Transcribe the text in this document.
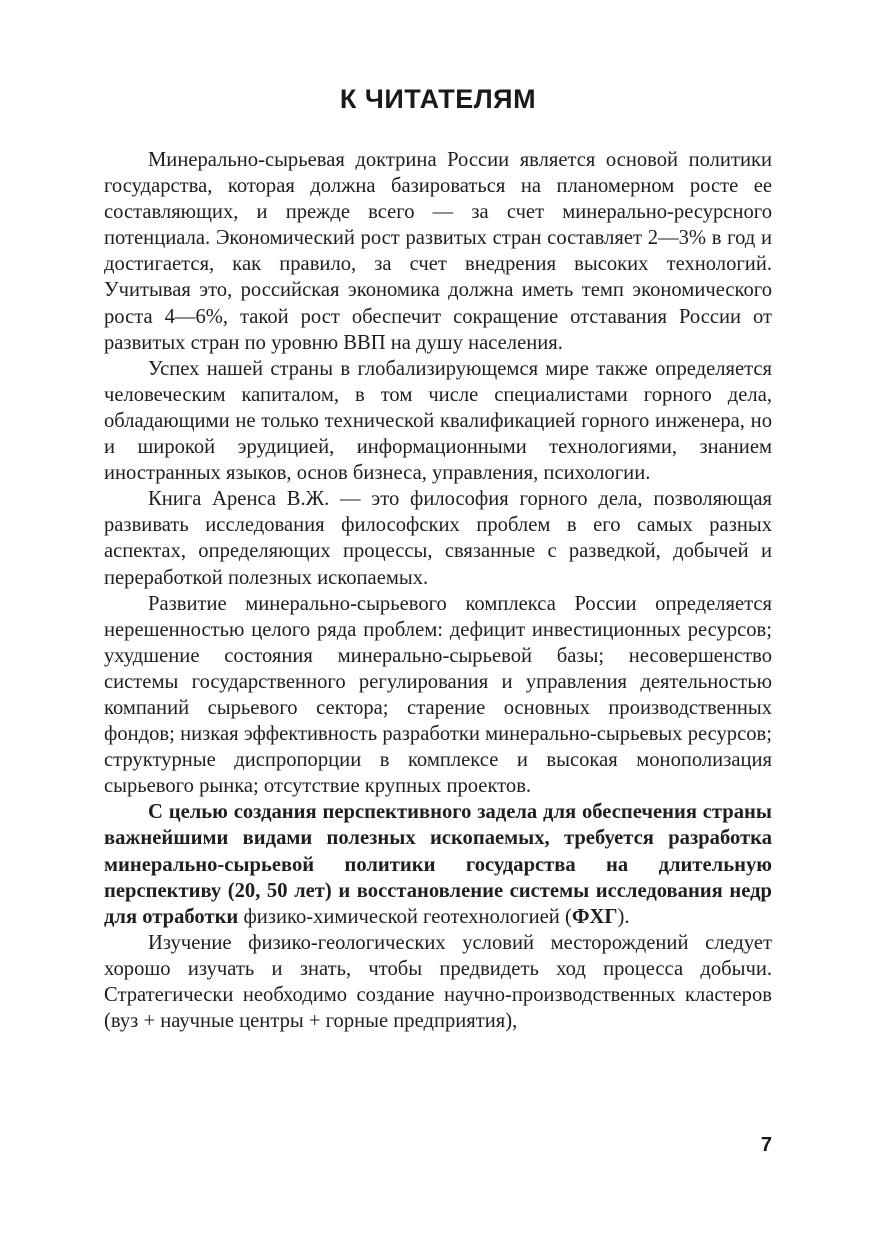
К ЧИТАТЕЛЯМ

Минерально-сырьевая доктрина России является основой политики государства, которая должна базироваться на планомерном росте ее составляющих, и прежде всего — за счет минерально-ресурсного потенциала. Экономический рост развитых стран составляет 2—3% в год и достигается, как правило, за счет внедрения высоких технологий. Учитывая это, российская экономика должна иметь темп экономического роста 4—6%, такой рост обеспечит сокращение отставания России от развитых стран по уровню ВВП на душу населения.

Успех нашей страны в глобализирующемся мире также определяется человеческим капиталом, в том числе специалистами горного дела, обладающими не только технической квалификацией горного инженера, но и широкой эрудицией, информационными технологиями, знанием иностранных языков, основ бизнеса, управления, психологии.

Книга Аренса В.Ж. — это философия горного дела, позволяющая развивать исследования философских проблем в его самых разных аспектах, определяющих процессы, связанные с разведкой, добычей и переработкой полезных ископаемых.

Развитие минерально-сырьевого комплекса России определяется нерешенностью целого ряда проблем: дефицит инвестиционных ресурсов; ухудшение состояния минерально-сырьевой базы; несовершенство системы государственного регулирования и управления деятельностью компаний сырьевого сектора; старение основных производственных фондов; низкая эффективность разработки минерально-сырьевых ресурсов; структурные диспропорции в комплексе и высокая монополизация сырьевого рынка; отсутствие крупных проектов.

С целью создания перспективного задела для обеспечения страны важнейшими видами полезных ископаемых, требуется разработка минерально-сырьевой политики государства на длительную перспективу (20, 50 лет) и восстановление системы исследования недр для отработки физико-химической геотехнологией (ФХГ).

Изучение физико-геологических условий месторождений следует хорошо изучать и знать, чтобы предвидеть ход процесса добычи. Стратегически необходимо создание научно-производственных кластеров (вуз + научные центры + горные предприятия),

7
